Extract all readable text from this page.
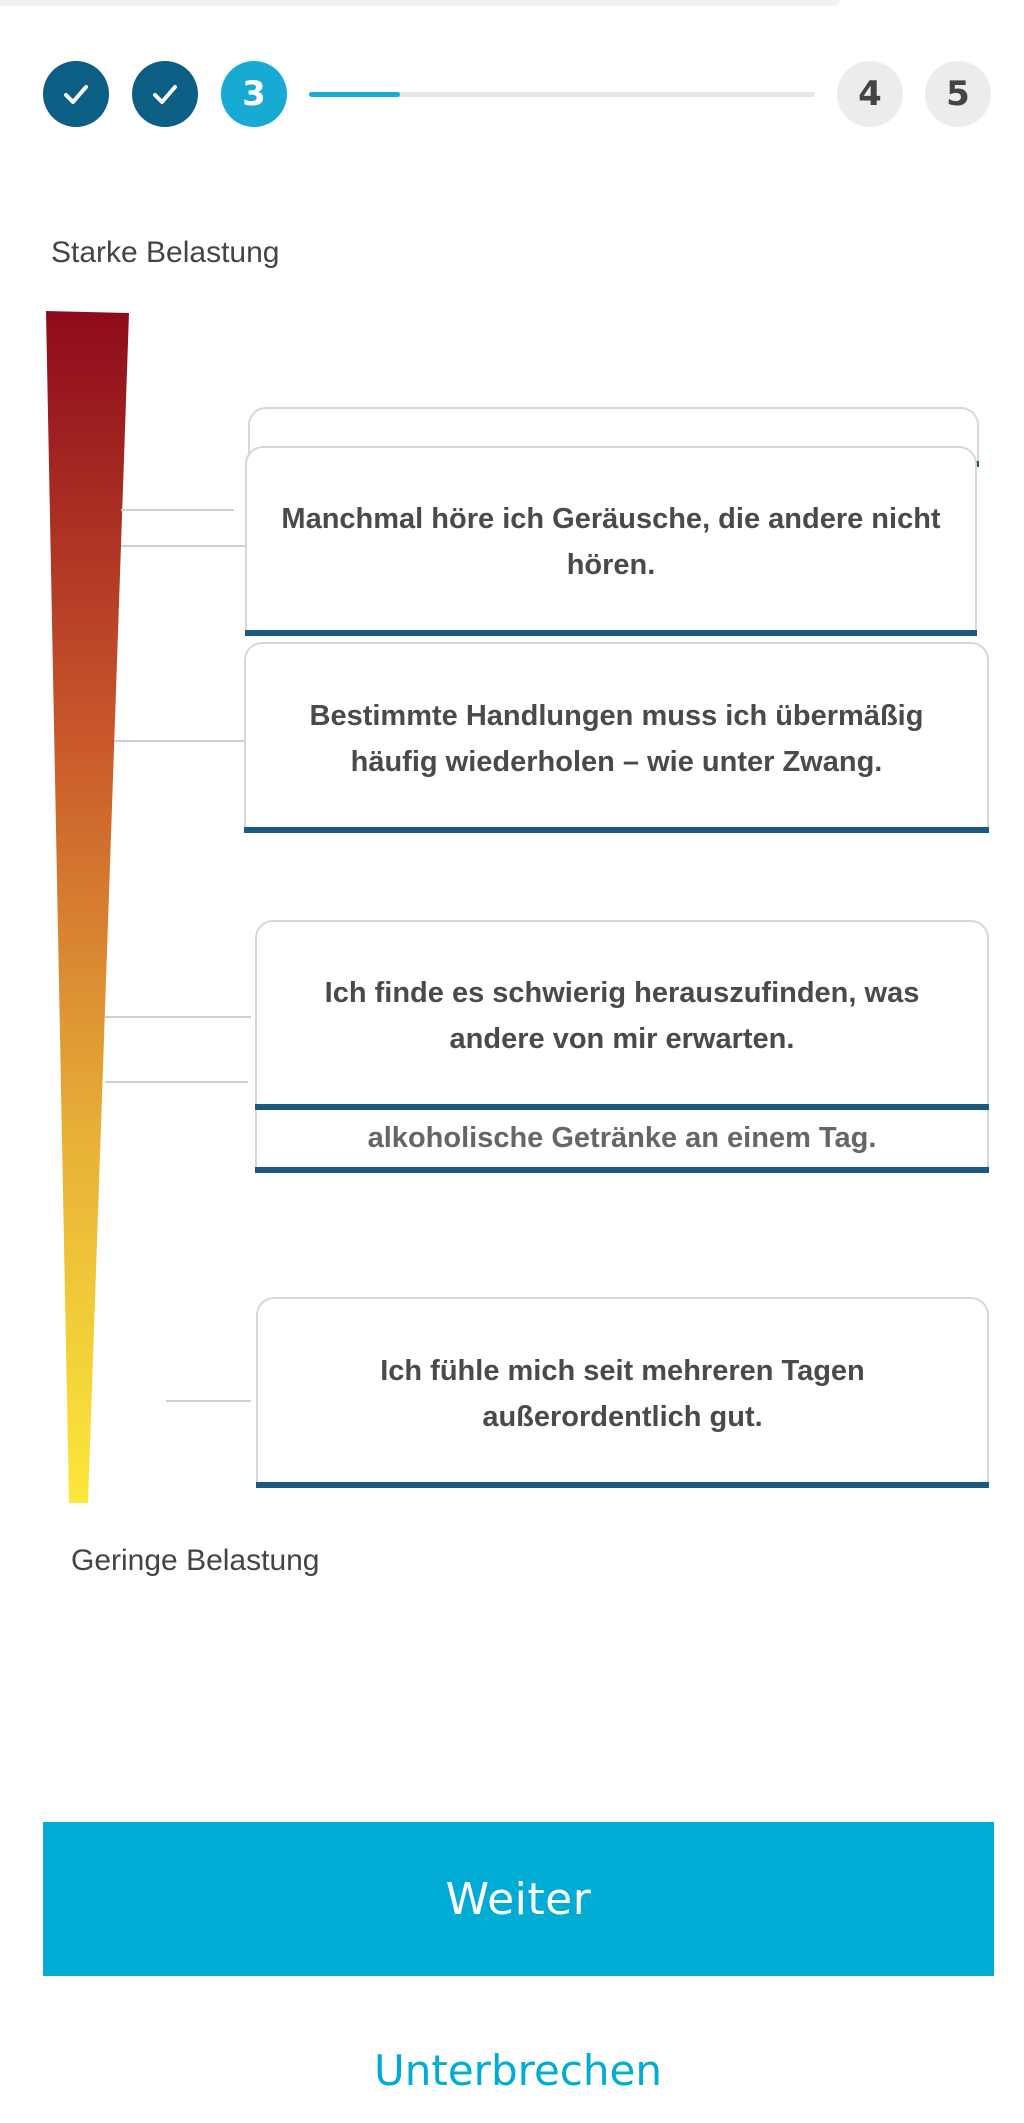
3	4	5
Starke Belastung
Geringe Belastung
Manchmal höre ich Geräusche, die andere nicht hören.
Bestimmte Handlungen muss ich übermäßig häufig wiederholen – wie unter Zwang.
alkoholische Getränke an einem Tag.
Ich finde es schwierig herauszufinden, was andere von mir erwarten.
Ich fühle mich seit mehreren Tagen außerordentlich gut.
Weiter
Unterbrechen
